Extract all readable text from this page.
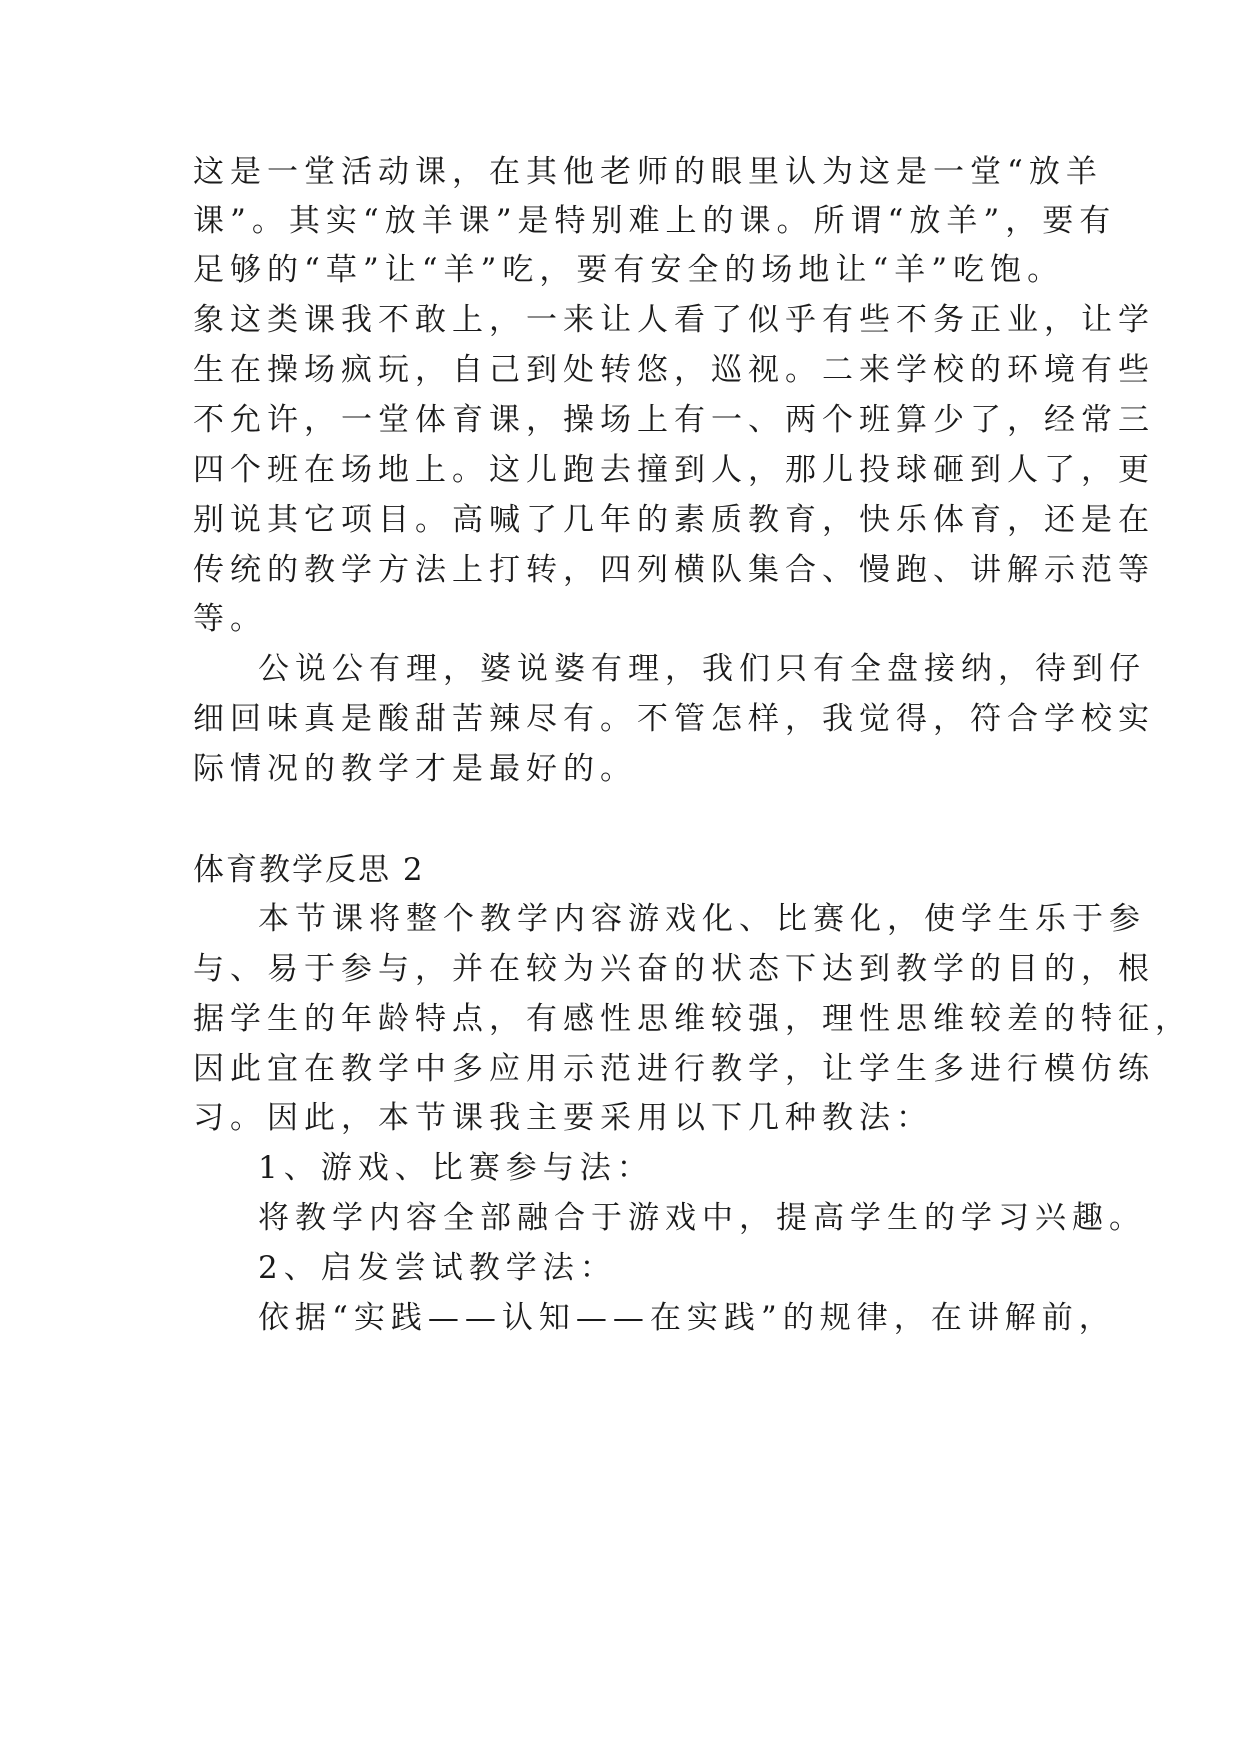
这是一堂活动课，在其他老师的眼里认为这是一堂“放羊
课”。其实“放羊课”是特别难上的课。所谓“放羊”，要有
足够的“草”让“羊”吃，要有安全的场地让“羊”吃饱。
象这类课我不敢上，一来让人看了似乎有些不务正业，让学
生在操场疯玩，自己到处转悠，巡视。二来学校的环境有些
不允许，一堂体育课，操场上有一、两个班算少了，经常三
四个班在场地上。这儿跑去撞到人，那儿投球砸到人了，更
别说其它项目。高喊了几年的素质教育，快乐体育，还是在
传统的教学方法上打转，四列横队集合、慢跑、讲解示范等
等。
公说公有理，婆说婆有理，我们只有全盘接纳，待到仔
细回味真是酸甜苦辣尽有。不管怎样，我觉得，符合学校实
际情况的教学才是最好的。
体育教学反思 2
本节课将整个教学内容游戏化、比赛化，使学生乐于参
与、易于参与，并在较为兴奋的状态下达到教学的目的，根
据学生的年龄特点，有感性思维较强，理性思维较差的特征，
因此宜在教学中多应用示范进行教学，让学生多进行模仿练
习。因此，本节课我主要采用以下几种教法：
1、游戏、比赛参与法：
将教学内容全部融合于游戏中，提高学生的学习兴趣。
2、启发尝试教学法：
依据“实践——认知——在实践”的规律，在讲解前，
